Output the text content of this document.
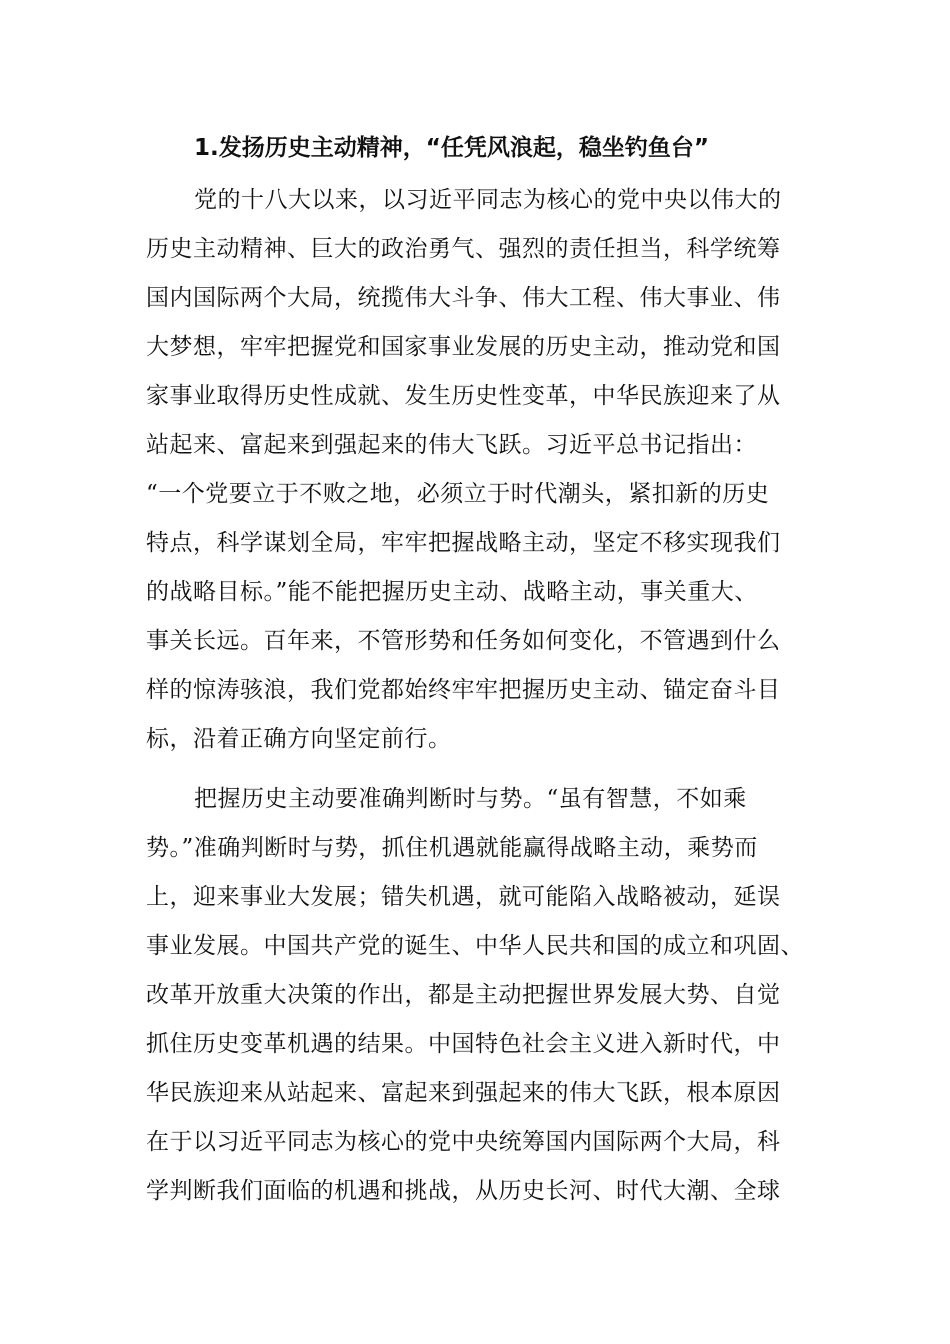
1.发扬历史主动精神，“任凭风浪起，稳坐钓鱼台”
党的十八大以来，以习近平同志为核心的党中央以伟大的
历史主动精神、巨大的政治勇气、强烈的责任担当，科学统筹
国内国际两个大局，统揽伟大斗争、伟大工程、伟大事业、伟
大梦想，牢牢把握党和国家事业发展的历史主动，推动党和国
家事业取得历史性成就、发生历史性变革，中华民族迎来了从
站起来、富起来到强起来的伟大飞跃。习近平总书记指出：
“一个党要立于不败之地，必须立于时代潮头，紧扣新的历史
特点，科学谋划全局，牢牢把握战略主动，坚定不移实现我们
的战略目标。”能不能把握历史主动、战略主动，事关重大、
事关长远。百年来，不管形势和任务如何变化，不管遇到什么
样的惊涛骇浪，我们党都始终牢牢把握历史主动、锚定奋斗目
标，沿着正确方向坚定前行。
把握历史主动要准确判断时与势。“虽有智慧，不如乘
势。”准确判断时与势，抓住机遇就能赢得战略主动，乘势而
上，迎来事业大发展；错失机遇，就可能陷入战略被动，延误
事业发展。中国共产党的诞生、中华人民共和国的成立和巩固、
改革开放重大决策的作出，都是主动把握世界发展大势、自觉
抓住历史变革机遇的结果。中国特色社会主义进入新时代，中
华民族迎来从站起来、富起来到强起来的伟大飞跃，根本原因
在于以习近平同志为核心的党中央统筹国内国际两个大局，科
学判断我们面临的机遇和挑战，从历史长河、时代大潮、全球
